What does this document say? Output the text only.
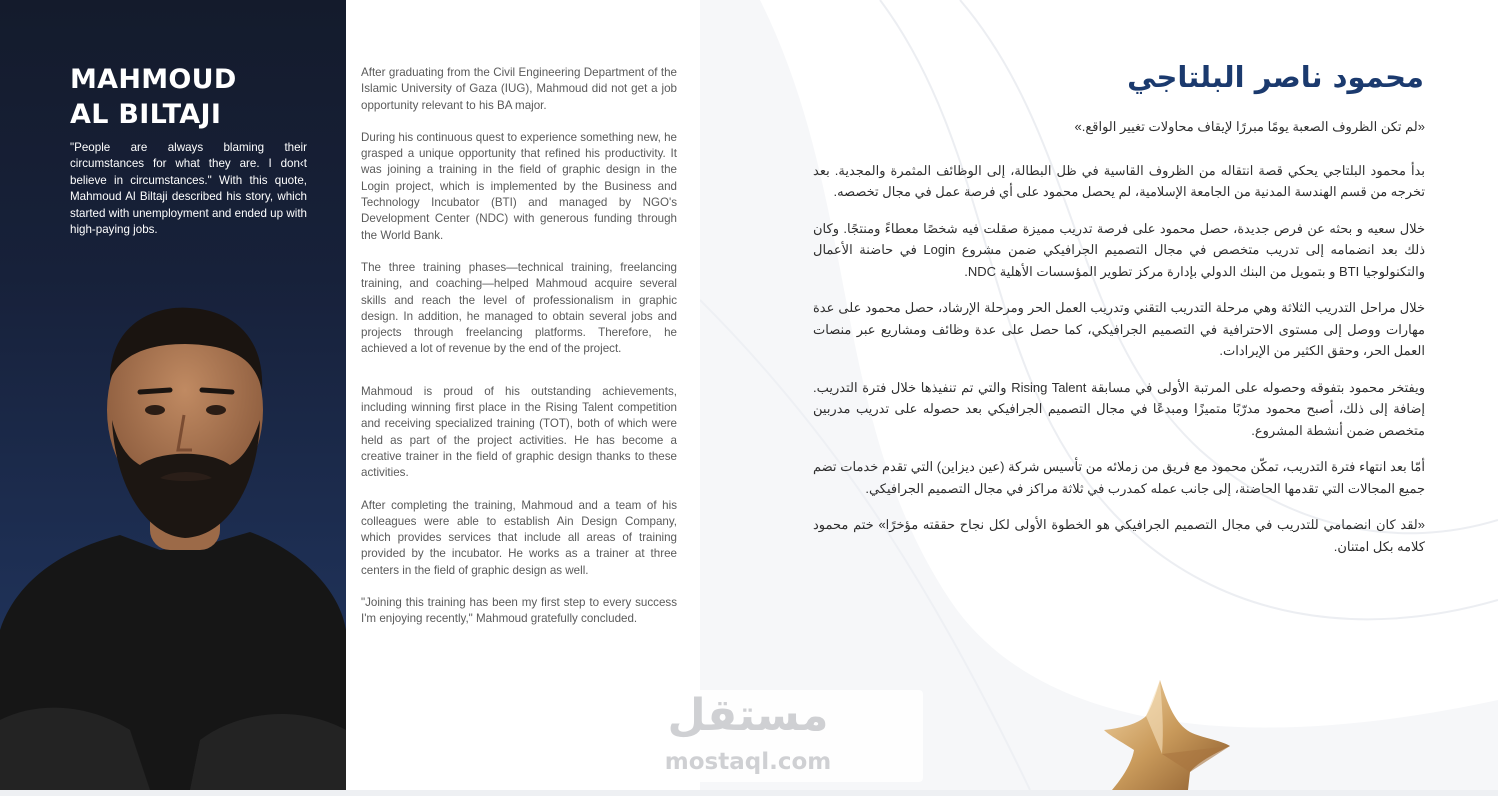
MAHMOUD
AL BILTAJI
"People are always blaming their circumstances for what they are. I don‹t believe in circumstances." With this quote, Mahmoud Al Biltaji described his story, which started with unemployment and ended up with high-paying jobs.

After graduating from the Civil Engineering Department of the Islamic University of Gaza (IUG), Mahmoud did not get a job opportunity relevant to his BA major.

During his continuous quest to experience something new, he grasped a unique opportunity that refined his productivity. It was joining a training in the field of graphic design in the Login project, which is implemented by the Business and Technology Incubator (BTI) and managed by NGO's Development Center (NDC) with generous funding through the World Bank.

The three training phases—technical training, freelancing training, and coaching—helped Mahmoud acquire several skills and reach the level of professionalism in graphic design. In addition, he managed to obtain several jobs and projects through freelancing platforms. Therefore, he achieved a lot of revenue by the end of the project.

Mahmoud is proud of his outstanding achievements, including winning first place in the Rising Talent competition and receiving specialized training (TOT), both of which were held as part of the project activities. He has become a creative trainer in the field of graphic design thanks to these activities.

After completing the training, Mahmoud and a team of his colleagues were able to establish Ain Design Company, which provides services that include all areas of training provided by the incubator. He works as a trainer at three centers in the field of graphic design as well.

"Joining this training has been my first step to every success I'm enjoying recently," Mahmoud gratefully concluded.

محمود ناصر البلتاجي

«لم تكن الظروف الصعبة يومًا مبررًا لإيقاف محاولات تغيير الواقع.»

بدأ محمود البلتاجي يحكي قصة انتقاله من الظروف القاسية في ظل البطالة، إلى الوظائف المثمرة والمجدية. بعد تخرجه من قسم الهندسة المدنية من الجامعة الإسلامية، لم يحصل محمود على أي فرصة عمل في مجال تخصصه.

خلال سعيه و بحثه عن فرص جديدة، حصل محمود على فرصة تدريب مميزة صقلت فيه شخصًا معطاءً ومنتجًا. وكان ذلك بعد انضمامه إلى تدريب متخصص في مجال التصميم الجرافيكي ضمن مشروع Login في حاضنة الأعمال والتكنولوجيا BTI و بتمويل من البنك الدولي بإدارة مركز تطوير المؤسسات الأهلية NDC.

خلال مراحل التدريب الثلاثة وهي مرحلة التدريب التقني وتدريب العمل الحر ومرحلة الإرشاد، حصل محمود على عدة مهارات ووصل إلى مستوى الاحترافية في التصميم الجرافيكي، كما حصل على عدة وظائف ومشاريع عبر منصات العمل الحر، وحقق الكثير من الإيرادات.

ويفتخر محمود بتفوقه وحصوله على المرتبة الأولى في مسابقة Rising Talent والتي تم تنفيذها خلال فترة التدريب. إضافة إلى ذلك، أصبح محمود مدرّبًا متميزًا ومبدعًا في مجال التصميم الجرافيكي بعد حصوله على تدريب مدربين متخصص ضمن أنشطة المشروع.

أمّا بعد انتهاء فترة التدريب، تمكّن محمود مع فريق من زملائه من تأسيس شركة (عين ديزاين) التي تقدم خدمات تضم جميع المجالات التي تقدمها الحاضنة، إلى جانب عمله كمدرب في ثلاثة مراكز في مجال التصميم الجرافيكي.

«لقد كان انضمامي للتدريب في مجال التصميم الجرافيكي هو الخطوة الأولى لكل نجاح حققته مؤخرًا» ختم محمود كلامه بكل امتنان.

مستقل
mostaql.com
